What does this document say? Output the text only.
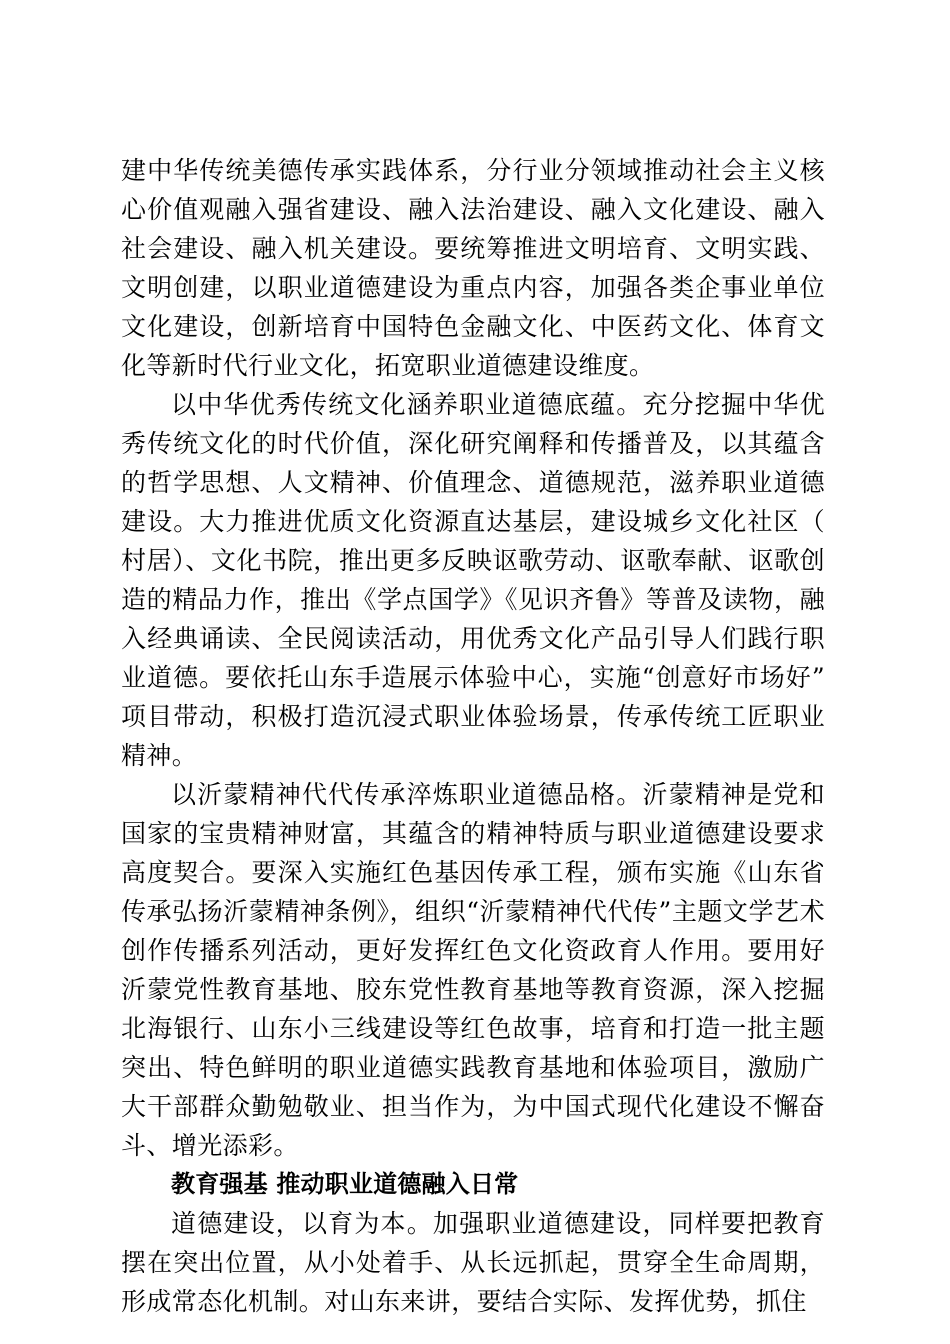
建中华传统美德传承实践体系，分行业分领域推动社会主义核心价值观融入强省建设、融入法治建设、融入文化建设、融入社会建设、融入机关建设。要统筹推进文明培育、文明实践、文明创建，以职业道德建设为重点内容，加强各类企事业单位文化建设，创新培育中国特色金融文化、中医药文化、体育文化等新时代行业文化，拓宽职业道德建设维度。

以中华优秀传统文化涵养职业道德底蕴。充分挖掘中华优秀传统文化的时代价值，深化研究阐释和传播普及，以其蕴含的哲学思想、人文精神、价值理念、道德规范，滋养职业道德建设。大力推进优质文化资源直达基层，建设城乡文化社区（村居）、文化书院，推出更多反映讴歌劳动、讴歌奉献、讴歌创造的精品力作，推出《学点国学》《见识齐鲁》等普及读物，融入经典诵读、全民阅读活动，用优秀文化产品引导人们践行职业道德。要依托山东手造展示体验中心，实施“创意好市场好”项目带动，积极打造沉浸式职业体验场景，传承传统工匠职业精神。

以沂蒙精神代代传承淬炼职业道德品格。沂蒙精神是党和国家的宝贵精神财富，其蕴含的精神特质与职业道德建设要求高度契合。要深入实施红色基因传承工程，颁布实施《山东省传承弘扬沂蒙精神条例》，组织“沂蒙精神代代传”主题文学艺术创作传播系列活动，更好发挥红色文化资政育人作用。要用好沂蒙党性教育基地、胶东党性教育基地等教育资源，深入挖掘北海银行、山东小三线建设等红色故事，培育和打造一批主题突出、特色鲜明的职业道德实践教育基地和体验项目，激励广大干部群众勤勉敬业、担当作为，为中国式现代化建设不懈奋斗、增光添彩。

教育强基 推动职业道德融入日常

道德建设，以育为本。加强职业道德建设，同样要把教育摆在突出位置，从小处着手、从长远抓起，贯穿全生命周期，形成常态化机制。对山东来讲，要结合实际、发挥优势，抓住
